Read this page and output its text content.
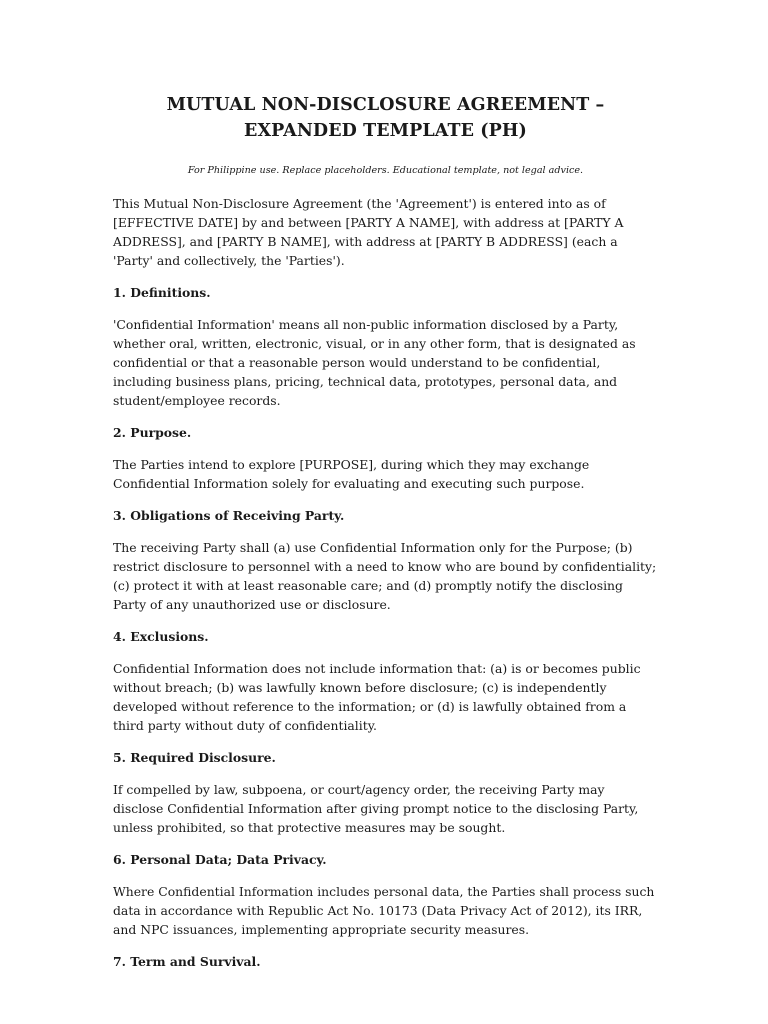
MUTUAL NON-DISCLOSURE AGREEMENT – EXPANDED TEMPLATE (PH)

For Philippine use. Replace placeholders. Educational template, not legal advice.

This Mutual Non-Disclosure Agreement (the 'Agreement') is entered into as of [EFFECTIVE DATE] by and between [PARTY A NAME], with address at [PARTY A ADDRESS], and [PARTY B NAME], with address at [PARTY B ADDRESS] (each a 'Party' and collectively, the 'Parties').

1. Definitions.

'Confidential Information' means all non-public information disclosed by a Party, whether oral, written, electronic, visual, or in any other form, that is designated as confidential or that a reasonable person would understand to be confidential, including business plans, pricing, technical data, prototypes, personal data, and student/employee records.

2. Purpose.

The Parties intend to explore [PURPOSE], during which they may exchange Confidential Information solely for evaluating and executing such purpose.

3. Obligations of Receiving Party.

The receiving Party shall (a) use Confidential Information only for the Purpose; (b) restrict disclosure to personnel with a need to know who are bound by confidentiality; (c) protect it with at least reasonable care; and (d) promptly notify the disclosing Party of any unauthorized use or disclosure.

4. Exclusions.

Confidential Information does not include information that: (a) is or becomes public without breach; (b) was lawfully known before disclosure; (c) is independently developed without reference to the information; or (d) is lawfully obtained from a third party without duty of confidentiality.

5. Required Disclosure.

If compelled by law, subpoena, or court/agency order, the receiving Party may disclose Confidential Information after giving prompt notice to the disclosing Party, unless prohibited, so that protective measures may be sought.

6. Personal Data; Data Privacy.

Where Confidential Information includes personal data, the Parties shall process such data in accordance with Republic Act No. 10173 (Data Privacy Act of 2012), its IRR, and NPC issuances, implementing appropriate security measures.

7. Term and Survival.
